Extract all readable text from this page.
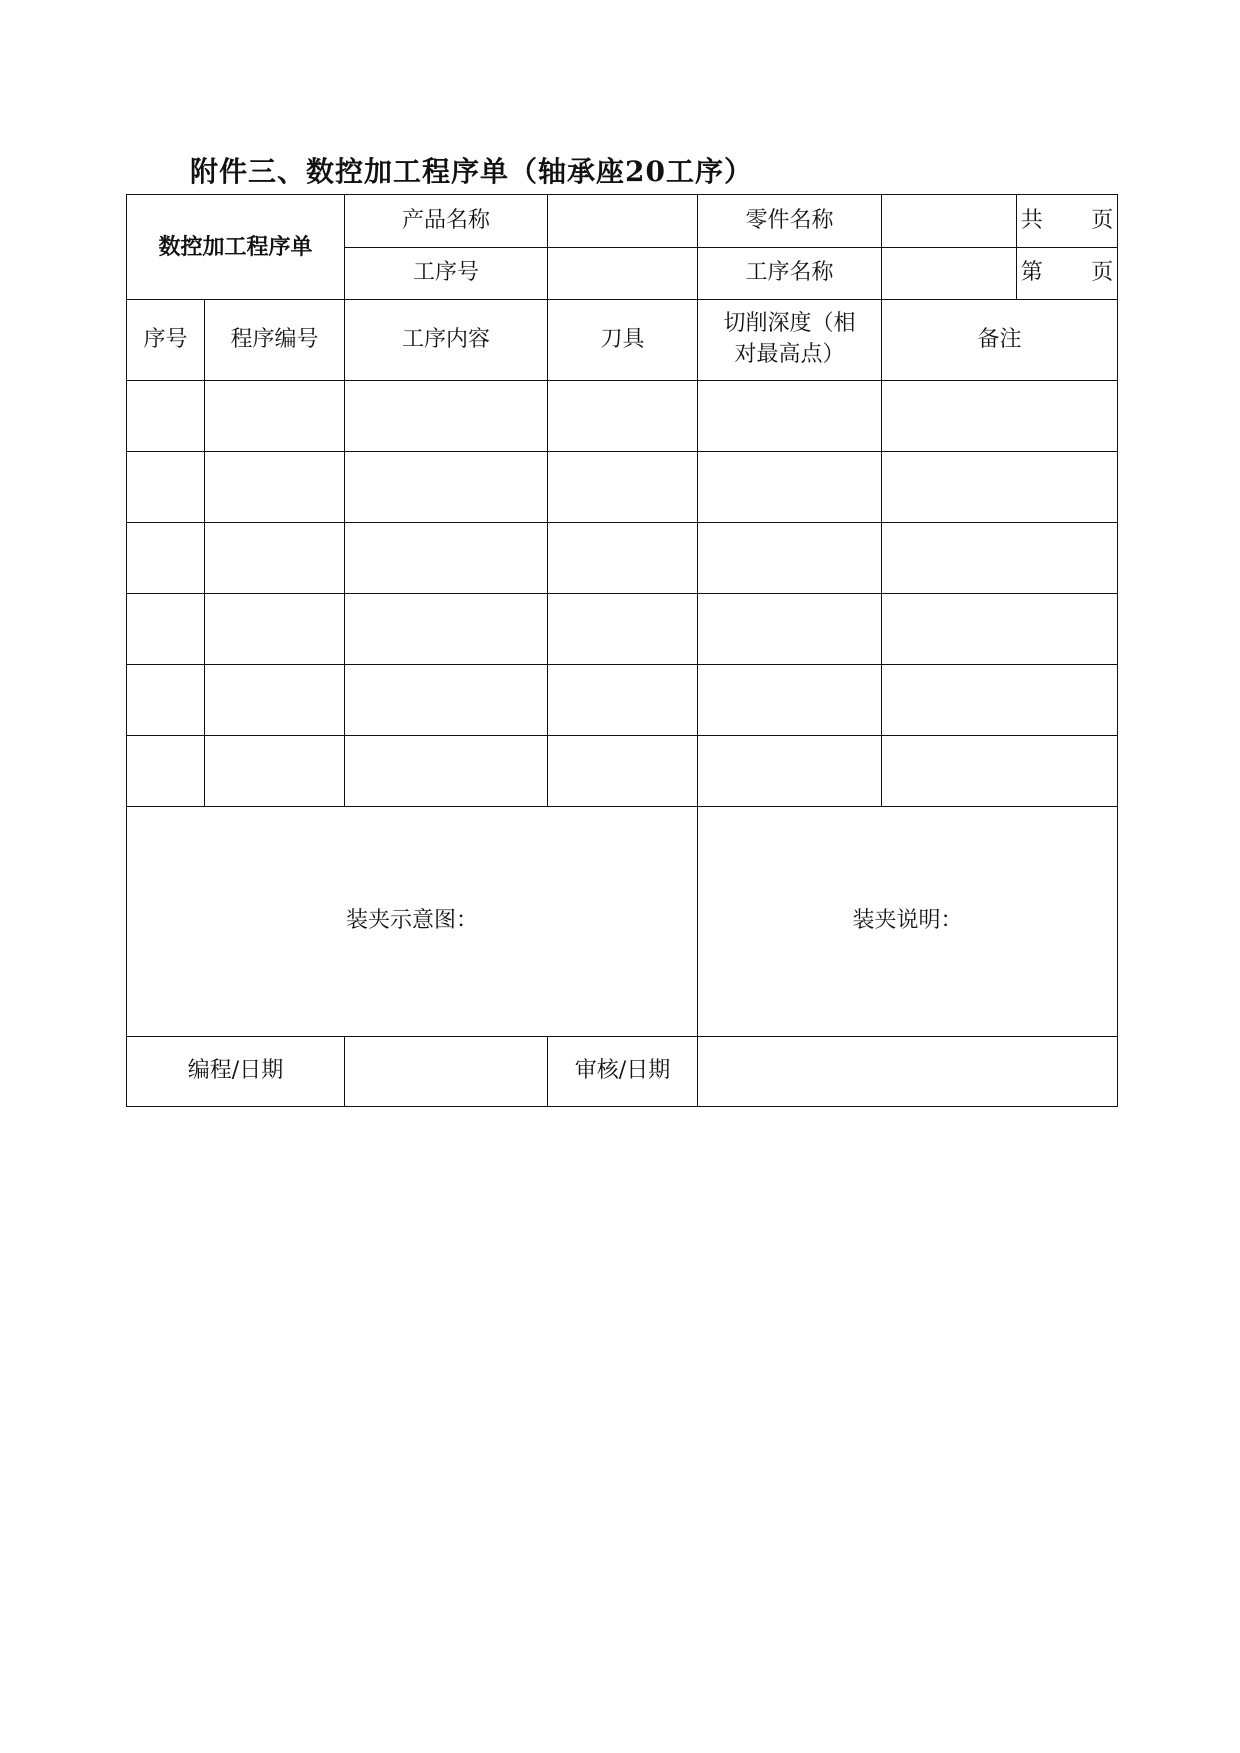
附件三、数控加工程序单（轴承座20工序）
数控加工程序单		产品名称		零件名称		共 页
		工序号		工序名称		第 页
序号	程序编号	工序内容	刀具	切削深度（相
对最高点）	备注	

装夹示意图：				装夹说明：		
编程/日期			审核/日期			
